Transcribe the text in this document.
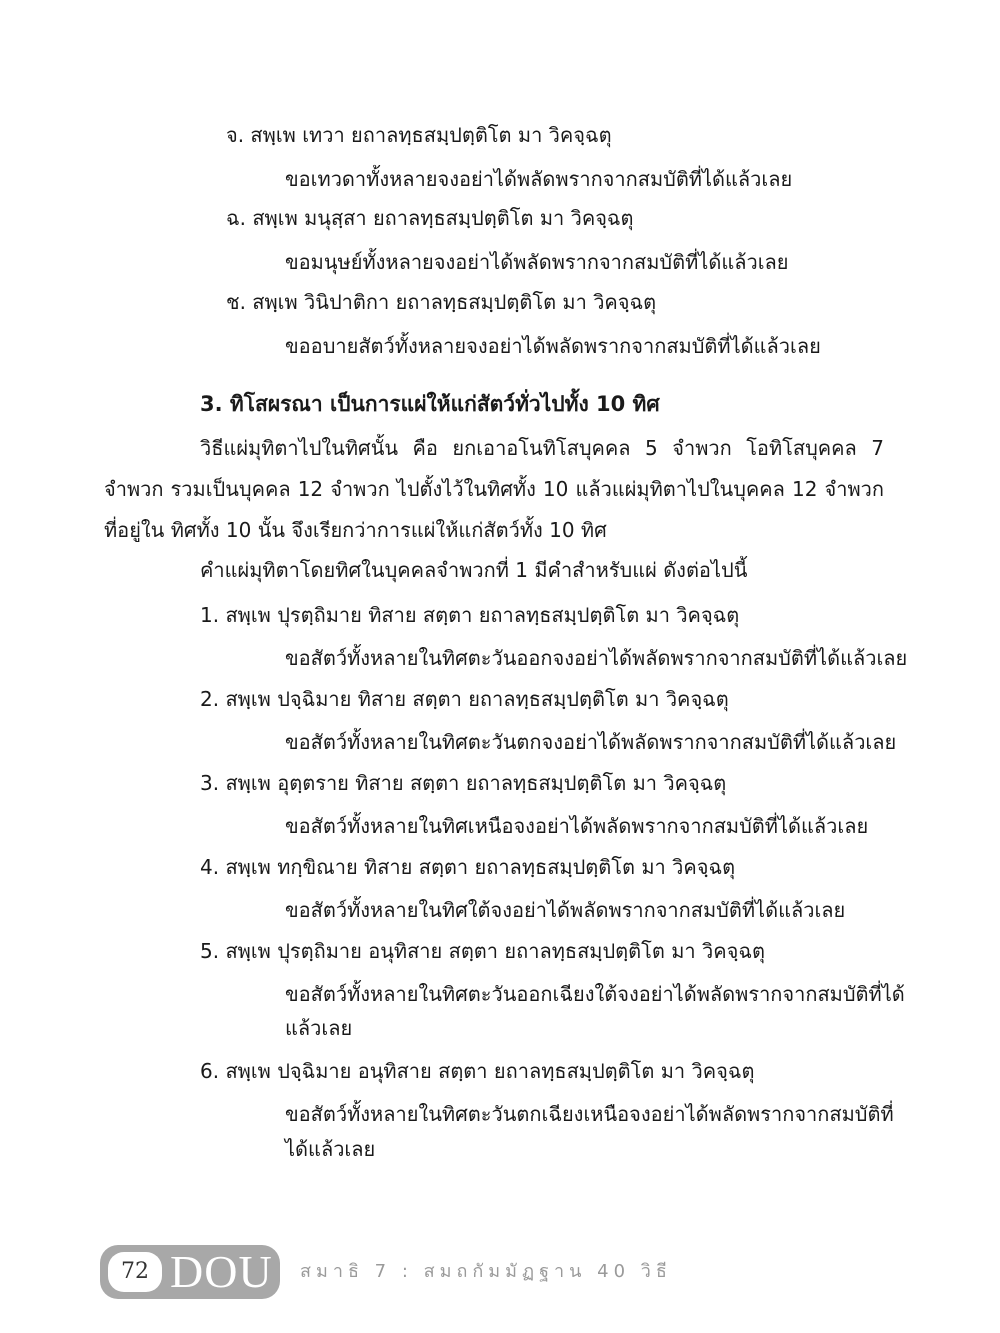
จ. สพฺเพ เทวา ยถาลทฺธสมฺปตฺติโต มา วิคจฺฉตุ
ขอเทวดาทั้งหลายจงอย่าได้พลัดพรากจากสมบัติที่ได้แล้วเลย
ฉ. สพฺเพ มนุสฺสา ยถาลทฺธสมฺปตฺติโต มา วิคจฺฉตุ
ขอมนุษย์ทั้งหลายจงอย่าได้พลัดพรากจากสมบัติที่ได้แล้วเลย
ช. สพฺเพ วินิปาติกา ยถาลทฺธสมฺปตฺติโต มา วิคจฺฉตุ
ขออบายสัตว์ทั้งหลายจงอย่าได้พลัดพรากจากสมบัติที่ได้แล้วเลย
3. ทิโสผรณา เป็นการแผ่ให้แก่สัตว์ทั่วไปทั้ง 10 ทิศ
วิธีแผ่มุทิตาไปในทิศนั้น คือ ยกเอาอโนทิโสบุคคล 5 จำพวก โอทิโสบุคคล 7 จำพวก รวมเป็นบุคคล 12 จำพวก ไปตั้งไว้ในทิศทั้ง 10 แล้วแผ่มุทิตาไปในบุคคล 12 จำพวกที่อยู่ใน ทิศทั้ง 10 นั้น จึงเรียกว่าการแผ่ให้แก่สัตว์ทั้ง 10 ทิศ
คำแผ่มุทิตาโดยทิศในบุคคลจำพวกที่ 1 มีคำสำหรับแผ่ ดังต่อไปนี้
1. สพฺเพ ปุรตฺถิมาย ทิสาย สตฺตา ยถาลทฺธสมฺปตฺติโต มา วิคจฺฉตุ
ขอสัตว์ทั้งหลายในทิศตะวันออกจงอย่าได้พลัดพรากจากสมบัติที่ได้แล้วเลย
2. สพฺเพ ปจฺฉิมาย ทิสาย สตฺตา ยถาลทฺธสมฺปตฺติโต มา วิคจฺฉตุ
ขอสัตว์ทั้งหลายในทิศตะวันตกจงอย่าได้พลัดพรากจากสมบัติที่ได้แล้วเลย
3. สพฺเพ อุตฺตราย ทิสาย สตฺตา ยถาลทฺธสมฺปตฺติโต มา วิคจฺฉตุ
ขอสัตว์ทั้งหลายในทิศเหนือจงอย่าได้พลัดพรากจากสมบัติที่ได้แล้วเลย
4. สพฺเพ ทกฺขิณาย ทิสาย สตฺตา ยถาลทฺธสมฺปตฺติโต มา วิคจฺฉตุ
ขอสัตว์ทั้งหลายในทิศใต้จงอย่าได้พลัดพรากจากสมบัติที่ได้แล้วเลย
5. สพฺเพ ปุรตฺถิมาย อนุทิสาย สตฺตา ยถาลทฺธสมฺปตฺติโต มา วิคจฺฉตุ
ขอสัตว์ทั้งหลายในทิศตะวันออกเฉียงใต้จงอย่าได้พลัดพรากจากสมบัติที่ได้
แล้วเลย
6. สพฺเพ ปจฺฉิมาย อนุทิสาย สตฺตา ยถาลทฺธสมฺปตฺติโต มา วิคจฺฉตุ
ขอสัตว์ทั้งหลายในทิศตะวันตกเฉียงเหนือจงอย่าได้พลัดพรากจากสมบัติที่
ได้แล้วเลย
72 DOU สมาธิ 7 : สมถกัมมัฏฐาน 40 วิธี
